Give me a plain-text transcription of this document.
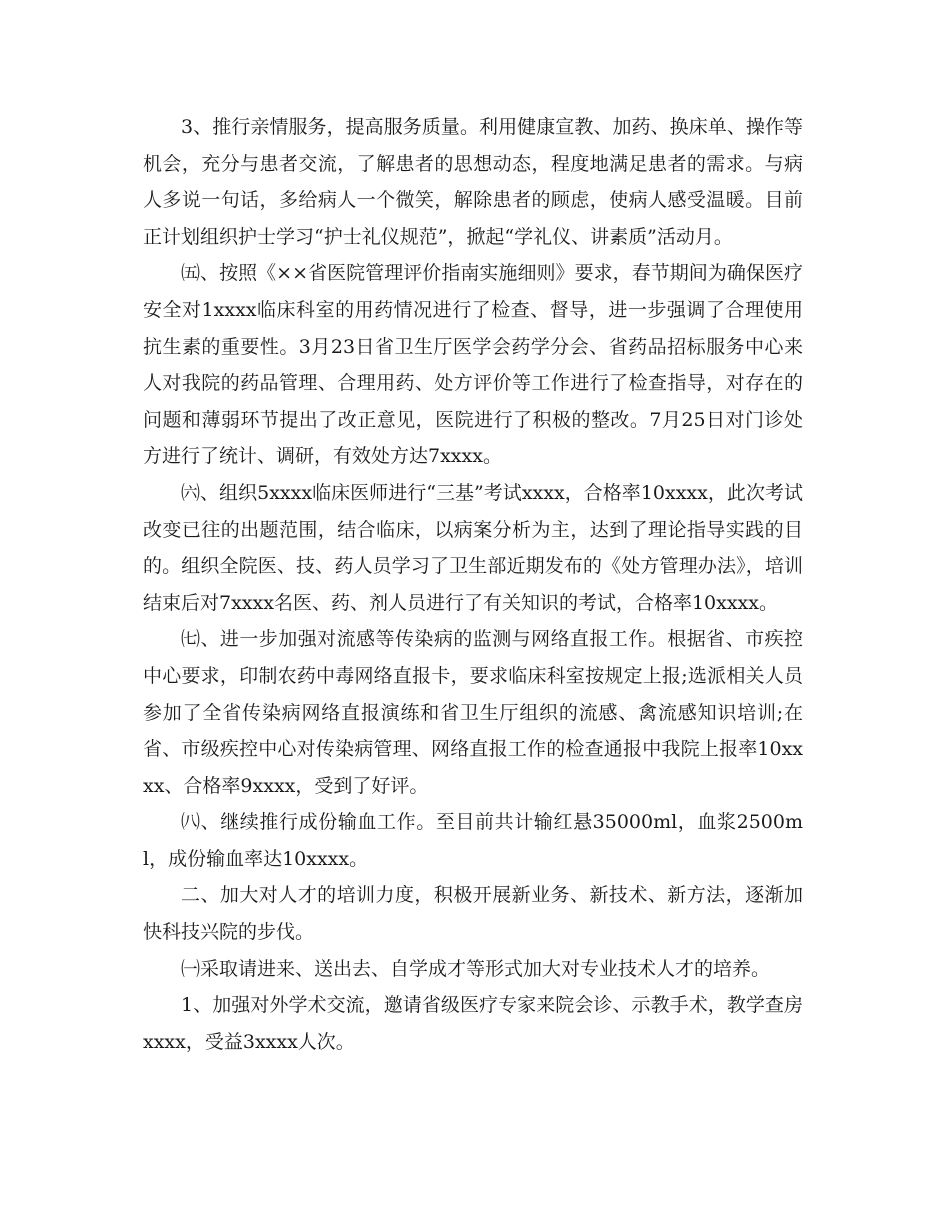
3、推行亲情服务，提高服务质量。利用健康宣教、加药、换床单、操作等机会，充分与患者交流，了解患者的思想动态，程度地满足患者的需求。与病人多说一句话，多给病人一个微笑，解除患者的顾虑，使病人感受温暖。目前正计划组织护士学习“护士礼仪规范”，掀起“学礼仪、讲素质”活动月。

㈤、按照《××省医院管理评价指南实施细则》要求，春节期间为确保医疗安全对1xxxx临床科室的用药情况进行了检查、督导，进一步强调了合理使用抗生素的重要性。3月23日省卫生厅医学会药学分会、省药品招标服务中心来人对我院的药品管理、合理用药、处方评价等工作进行了检查指导，对存在的问题和薄弱环节提出了改正意见，医院进行了积极的整改。7月25日对门诊处方进行了统计、调研，有效处方达7xxxx。

㈥、组织5xxxx临床医师进行“三基”考试xxxx，合格率10xxxx，此次考试改变已往的出题范围，结合临床，以病案分析为主，达到了理论指导实践的目的。组织全院医、技、药人员学习了卫生部近期发布的《处方管理办法》，培训结束后对7xxxx名医、药、剂人员进行了有关知识的考试，合格率10xxxx。

㈦、进一步加强对流感等传染病的监测与网络直报工作。根据省、市疾控中心要求，印制农药中毒网络直报卡，要求临床科室按规定上报;选派相关人员参加了全省传染病网络直报演练和省卫生厅组织的流感、禽流感知识培训;在省、市级疾控中心对传染病管理、网络直报工作的检查通报中我院上报率10xxxx、合格率9xxxx，受到了好评。

㈧、继续推行成份输血工作。至目前共计输红悬35000ml，血浆2500ml，成份输血率达10xxxx。

二、加大对人才的培训力度，积极开展新业务、新技术、新方法，逐渐加快科技兴院的步伐。

㈠采取请进来、送出去、自学成才等形式加大对专业技术人才的培养。

1、加强对外学术交流，邀请省级医疗专家来院会诊、示教手术，教学查房xxxx，受益3xxxx人次。
